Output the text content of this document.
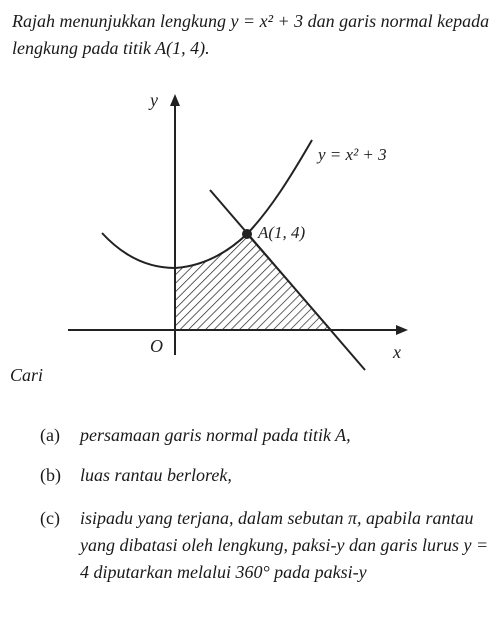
Rajah menunjukkan lengkung y = x² + 3 dan garis normal kepada lengkung pada titik A(1, 4).
y
x
O
y = x² + 3
A(1, 4)
Cari
(a) persamaan garis normal pada titik A,
(b) luas rantau berlorek,
(c) isipadu yang terjana, dalam sebutan π, apabila rantau yang dibatasi oleh lengkung, paksi-y dan garis lurus y = 4 diputarkan melalui 360° pada paksi-y
